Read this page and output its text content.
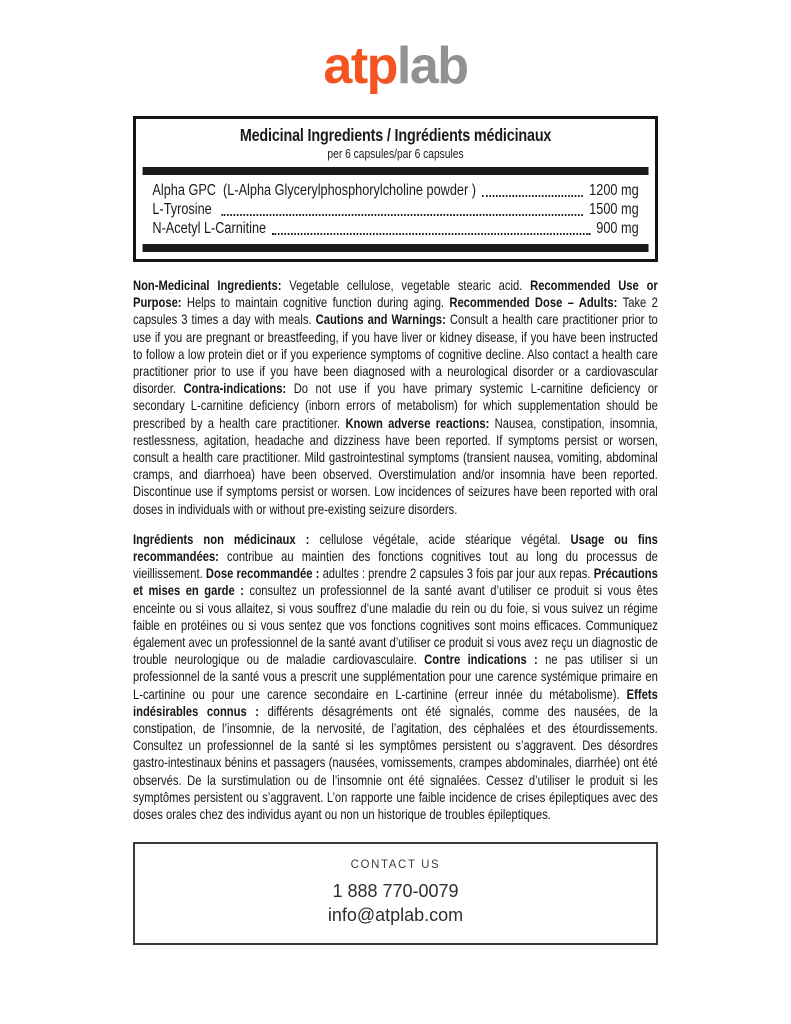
atplab
Medicinal Ingredients / Ingrédients médicinaux
per 6 capsules/par 6 capsules
Alpha GPC  (L-Alpha Glycerylphosphorylcholine powder )	1200 mg
L-Tyrosine	1500 mg
N-Acetyl L-Carnitine	900 mg
Non-Medicinal Ingredients: Vegetable cellulose, vegetable stearic acid. Recommended Use or Purpose: Helps to maintain cognitive function during aging. Recommended Dose – Adults: Take 2 capsules 3 times a day with meals. Cautions and Warnings: Consult a health care practitioner prior to use if you are pregnant or breastfeeding, if you have liver or kidney disease, if you have been instructed to follow a low protein diet or if you experience symptoms of cognitive decline. Also contact a health care practitioner prior to use if you have been diagnosed with a neurological disorder or a cardiovascular disorder. Contra-indications: Do not use if you have primary systemic L-carnitine deficiency or secondary L-carnitine deficiency (inborn errors of metabolism) for which supplementation should be prescribed by a health care practitioner. Known adverse reactions: Nausea, constipation, insomnia, restlessness, agitation, headache and dizziness have been reported. If symptoms persist or worsen, consult a health care practitioner. Mild gastrointestinal symptoms (transient nausea, vomiting, abdominal cramps, and diarrhoea) have been observed. Overstimulation and/or insomnia have been reported. Discontinue use if symptoms persist or worsen. Low incidences of seizures have been reported with oral doses in individuals with or without pre-existing seizure disorders.
Ingrédients non médicinaux : cellulose végétale, acide stéarique végétal. Usage ou fins recommandées: contribue au maintien des fonctions cognitives tout au long du processus de vieillissement. Dose recommandée : adultes : prendre 2 capsules 3 fois par jour aux repas. Précautions et mises en garde : consultez un professionnel de la santé avant d’utiliser ce produit si vous êtes enceinte ou si vous allaitez, si vous souffrez d’une maladie du rein ou du foie, si vous suivez un régime faible en protéines ou si vous sentez que vos fonctions cognitives sont moins efficaces. Communiquez également avec un professionnel de la santé avant d’utiliser ce produit si vous avez reçu un diagnostic de trouble neurologique ou de maladie cardiovasculaire. Contre indications : ne pas utiliser si un professionnel de la santé vous a prescrit une supplémentation pour une carence systémique primaire en L-cartinine ou pour une carence secondaire en L-cartinine (erreur innée du métabolisme). Effets indésirables connus : différents désagréments ont été signalés, comme des nausées, de la constipation, de l’insomnie, de la nervosité, de l’agitation, des céphalées et des étourdissements. Consultez un professionnel de la santé si les symptômes persistent ou s’aggravent. Des désordres gastro-intestinaux bénins et passagers (nausées, vomissements, crampes abdominales, diarrhée) ont été observés. De la surstimulation ou de l’insomnie ont été signalées. Cessez d’utiliser le produit si les symptômes persistent ou s’aggravent. L’on rapporte une faible incidence de crises épileptiques avec des doses orales chez des individus ayant ou non un historique de troubles épileptiques.
CONTACT US
1 888 770-0079
info@atplab.com
